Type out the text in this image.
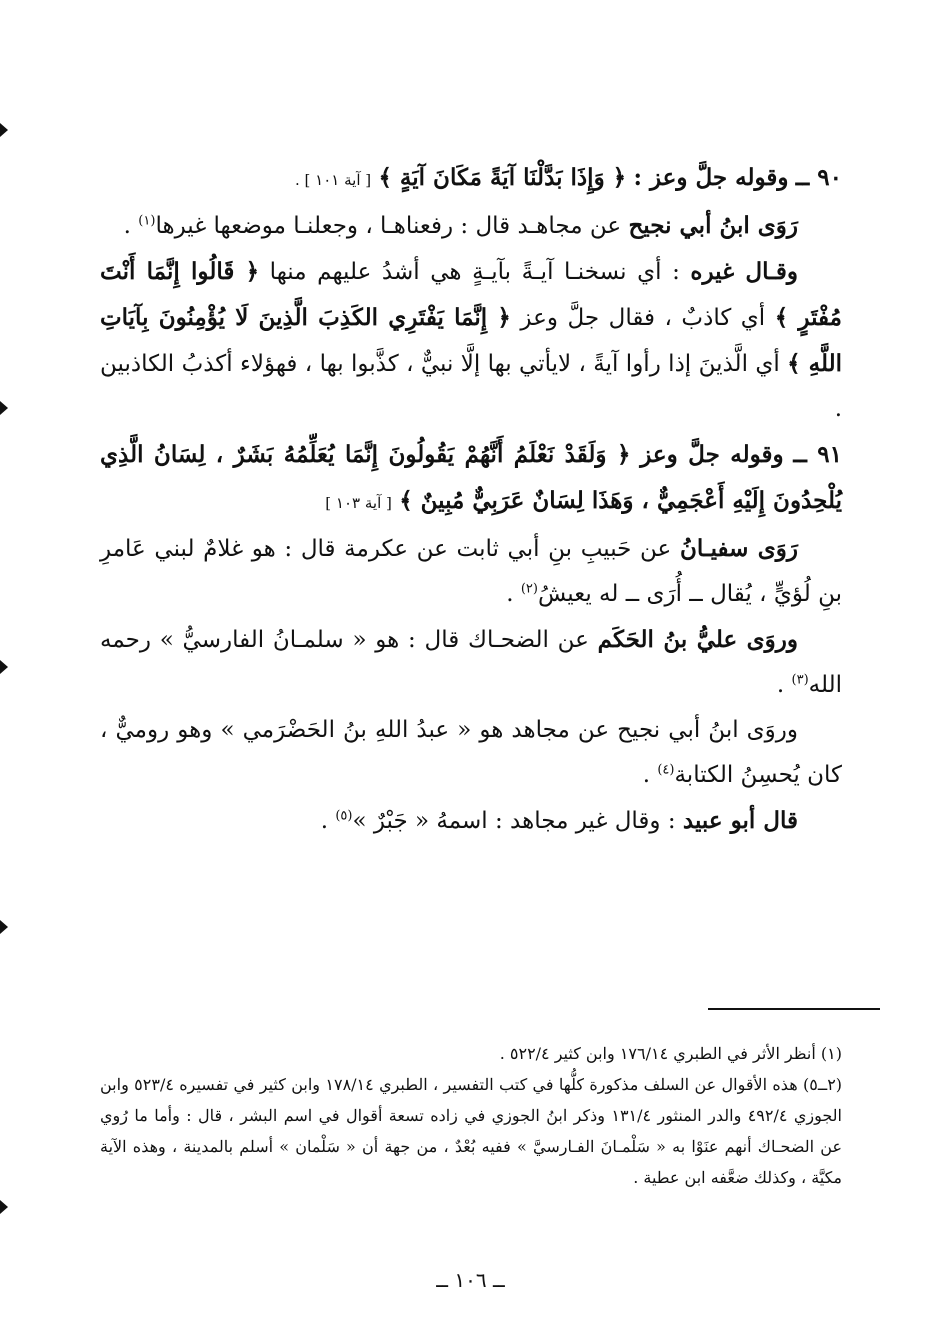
٩٠ ــ وقوله جلَّ وعز : ﴿ وَإِذَا بَدَّلْنَا آيَةً مَكَانَ آيَةٍ ﴾ [ آية ١٠١ ] .

رَوَى ابنُ أبي نجيح عن مجاهـد قال : رفعناهـا ، وجعلنـا موضعها غيرها$^{(١)}$ .

وقـال غيره : أي نسخنـا آيـةً بآيـةٍ هي أشدُ عليهم منها ﴿ قَالُوا إِنَّمَا أَنْتَ مُفْتَرٍ ﴾ أي كاذبٌ ، فقال جلَّ وعز ﴿ إِنَّمَا يَفْتَرِي الكَذِبَ الَّذِينَ لَا يُؤْمِنُونَ بِآيَاتِ اللَّهِ ﴾ أي الَّذينَ إذا رأوا آيةً ، لايأتي بها إلَّا نبيٌّ ، كذَّبوا بها ، فهؤلاء أكذبُ الكاذبين .

٩١ ــ وقوله جلَّ وعز ﴿ وَلَقَدْ نَعْلَمُ أَنَّهُمْ يَقُولُونَ إِنَّمَا يُعَلِّمُهُ بَشَرٌ ، لِسَانُ الَّذِي يُلْحِدُونَ إِلَيْهِ أَعْجَمِيٌّ ، وَهَذَا لِسَانٌ عَرَبِيٌّ مُبِينٌ ﴾ [ آية ١٠٣ ]

رَوَى سفيـانُ عن حَبيبِ بنِ أبي ثابت عن عكرمة قال : هو غلامٌ لبني عَامرِ بنِ لُؤيٍّ ، يُقال ــ أُرَى ــ له يعيشُ$^{(٢)}$ .

وروَى عليُّ بنُ الحَكَم عن الضحـاك قال : هو « سلمـانُ الفارسيُّ » رحمه الله$^{(٣)}$ .

وروَى ابنُ أبي نجيح عن مجاهد هو « عبدُ اللهِ بنُ الحَضْرَمي » وهو روميٌّ ، كان يُحسِنُ الكتابة$^{(٤)}$ .

قال أبو عبيد : وقال غير مجاهد : اسمهُ « جَبْرٌ »$^{(٥)}$ .

(١) أنظر الأثر في الطبري ١٧٦/١٤ وابن كثير ٥٢٢/٤ .

(٢ــ٥) هذه الأقوال عن السلف مذكورة كلُّها في كتب التفسير ، الطبري ١٧٨/١٤ وابن كثير في تفسيره ٥٢٣/٤ وابن الجوزي ٤٩٢/٤ والدر المنثور ١٣١/٤ وذكر ابنُ الجوزي في زاده تسعة أقوال في اسم البشر ، قال : وأما ما رُوي عن الضحـاك أنهم عنَوْا به « سَلْمـانَ الفـارسيَّ » ففيه بُعْدٌ ، من جهة أن « سَلْمان » أسلم بالمدينة ، وهذه الآية مكيَّة ، وكذلك ضعَّفه ابن عطية .

ــ ١٠٦ ــ
